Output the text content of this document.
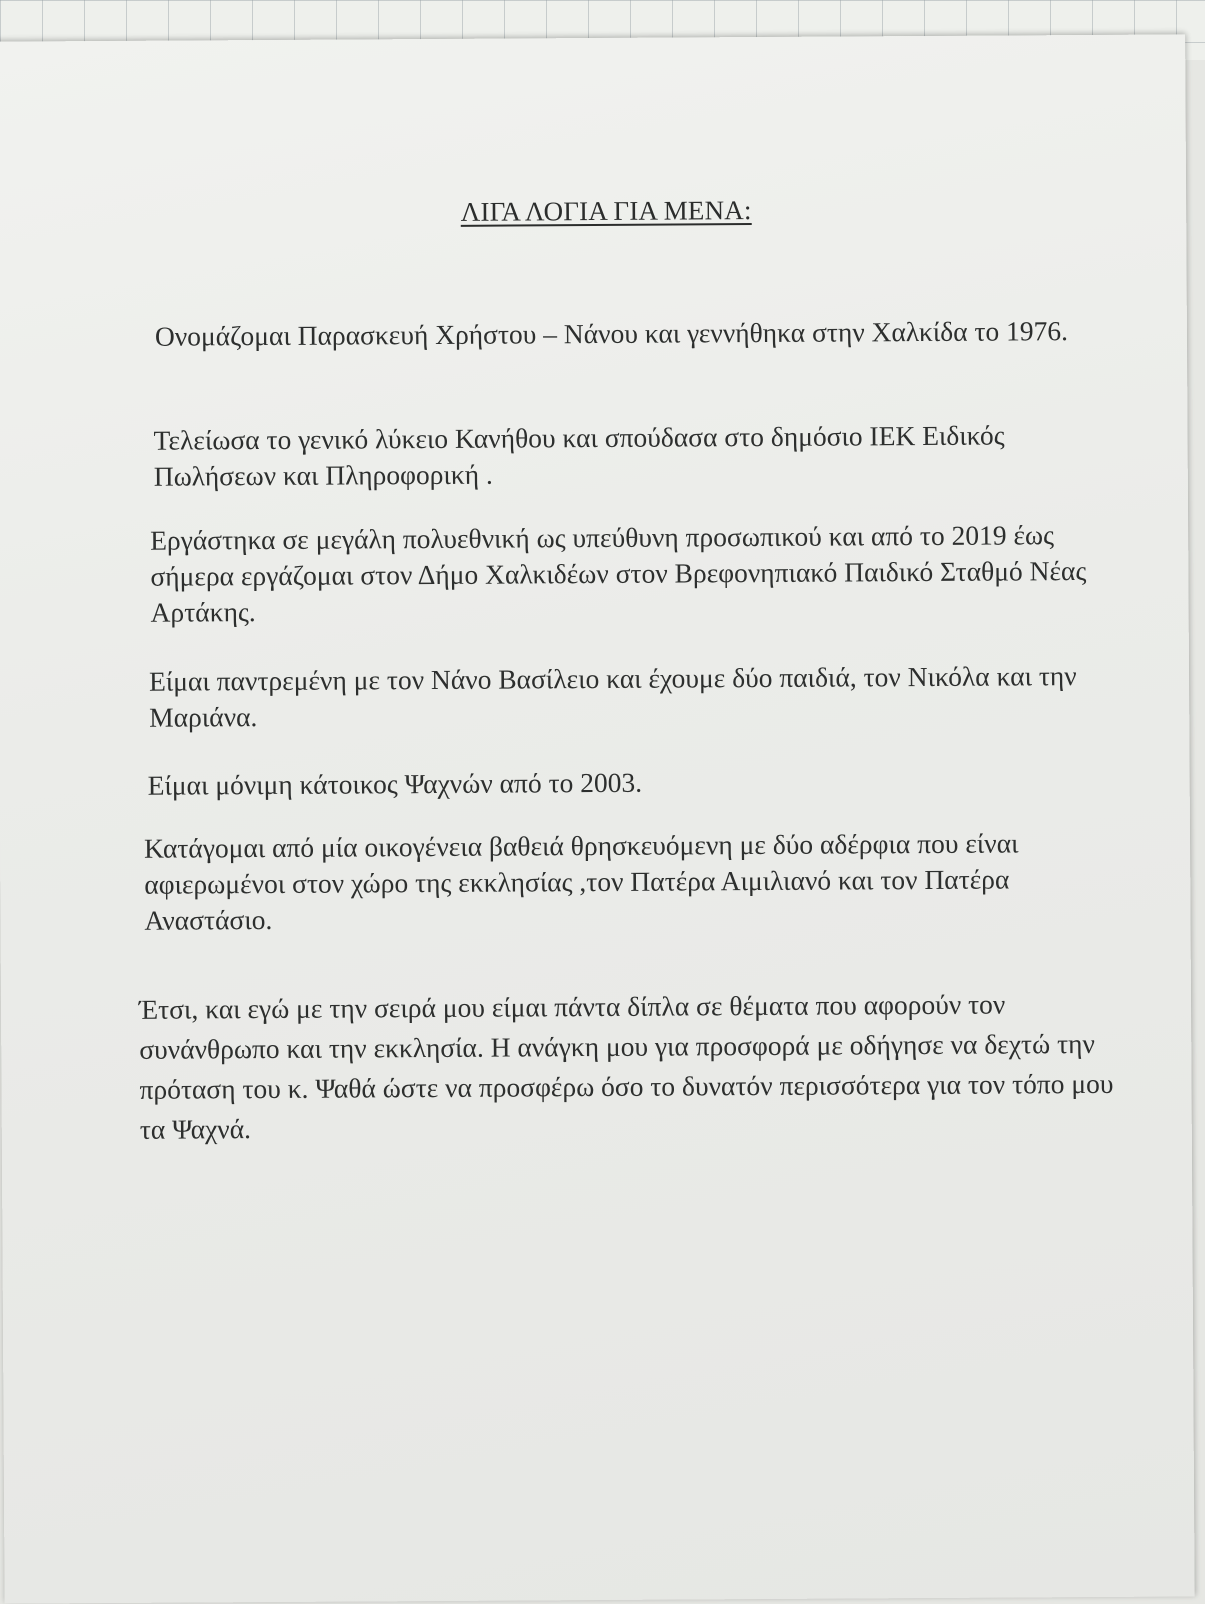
ΛΙΓΑ ΛΟΓΙΑ ΓΙΑ ΜΕΝΑ:

Ονομάζομαι Παρασκευή Χρήστου – Νάνου και γεννήθηκα στην Χαλκίδα το 1976.

Τελείωσα το γενικό λύκειο Κανήθου και σπούδασα στο δημόσιο ΙΕΚ Ειδικός Πωλήσεων και Πληροφορική .

Εργάστηκα σε μεγάλη πολυεθνική ως υπεύθυνη προσωπικού και από το 2019 έως σήμερα εργάζομαι στον Δήμο Χαλκιδέων στον Βρεφονηπιακό Παιδικό Σταθμό Νέας Αρτάκης.

Είμαι παντρεμένη με τον Νάνο Βασίλειο και έχουμε δύο παιδιά, τον Νικόλα και την Μαριάνα.

Είμαι μόνιμη κάτοικος Ψαχνών από το 2003.

Κατάγομαι από μία οικογένεια βαθειά θρησκευόμενη με δύο αδέρφια που είναι αφιερωμένοι στον χώρο της εκκλησίας ,τον Πατέρα Αιμιλιανό και τον Πατέρα Αναστάσιο.

Έτσι, και εγώ με την σειρά μου είμαι πάντα δίπλα σε θέματα που αφορούν τον συνάνθρωπο και την εκκλησία. Η ανάγκη μου για προσφορά με οδήγησε να δεχτώ την πρόταση του κ. Ψαθά ώστε να προσφέρω όσο το δυνατόν περισσότερα για τον τόπο μου τα Ψαχνά.
